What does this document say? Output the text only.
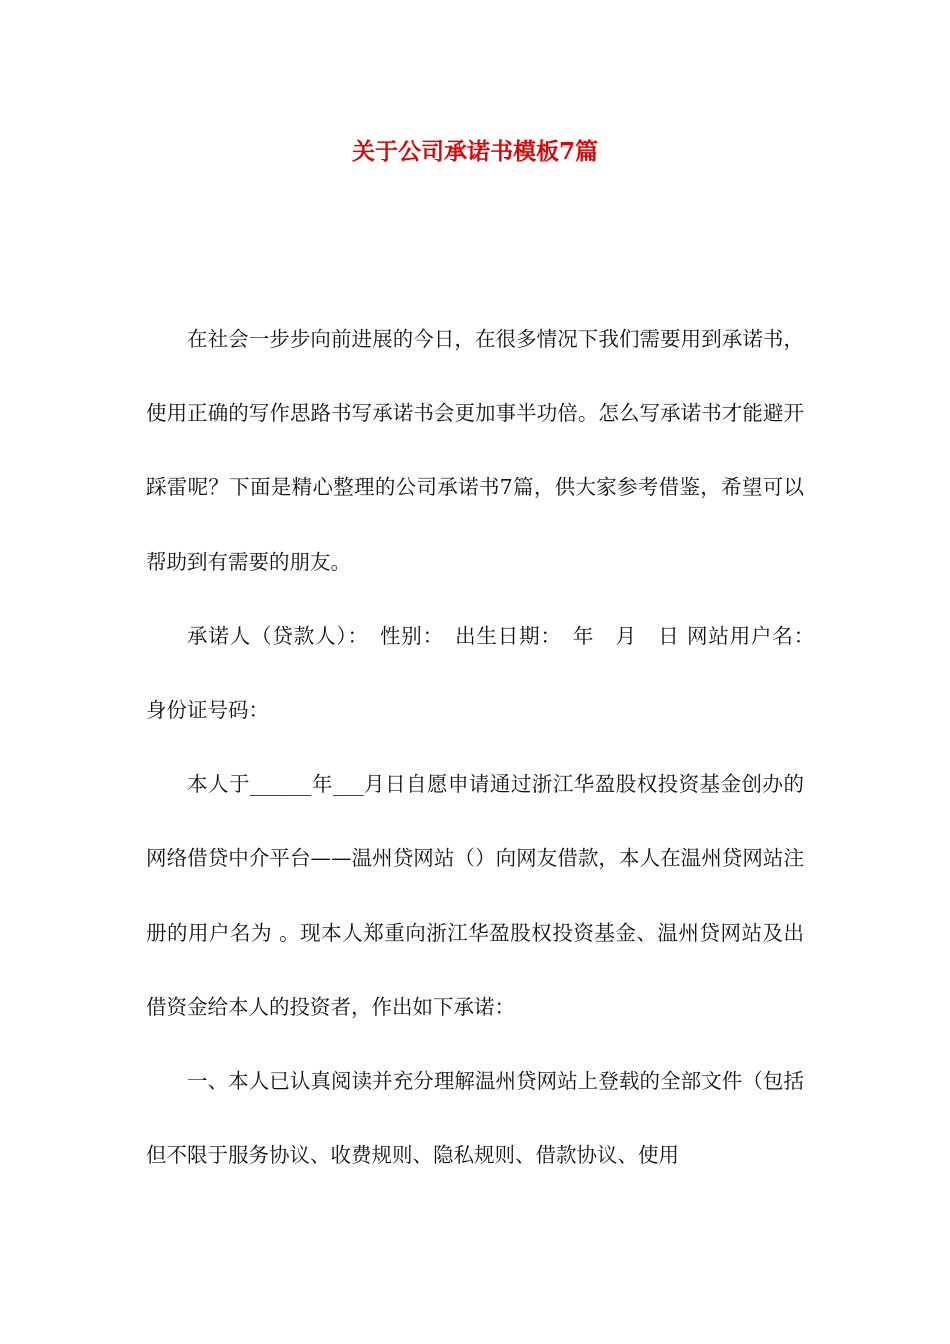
关于公司承诺书模板7篇

在社会一步步向前进展的今日，在很多情况下我们需要用到承诺书，使用正确的写作思路书写承诺书会更加事半功倍。怎么写承诺书才能避开踩雷呢？下面是精心整理的公司承诺书7篇，供大家参考借鉴，希望可以帮助到有需要的朋友。

承诺人（贷款人）：　性别：　出生日期：　年　月　日 网站用户名：　 身份证号码：

本人于______年___月日自愿申请通过浙江华盈股权投资基金创办的网络借贷中介平台——温州贷网站（）向网友借款，本人在温州贷网站注册的用户名为 。现本人郑重向浙江华盈股权投资基金、温州贷网站及出借资金给本人的投资者，作出如下承诺：

一、本人已认真阅读并充分理解温州贷网站上登载的全部文件（包括但不限于服务协议、收费规则、隐私规则、借款协议、使用
